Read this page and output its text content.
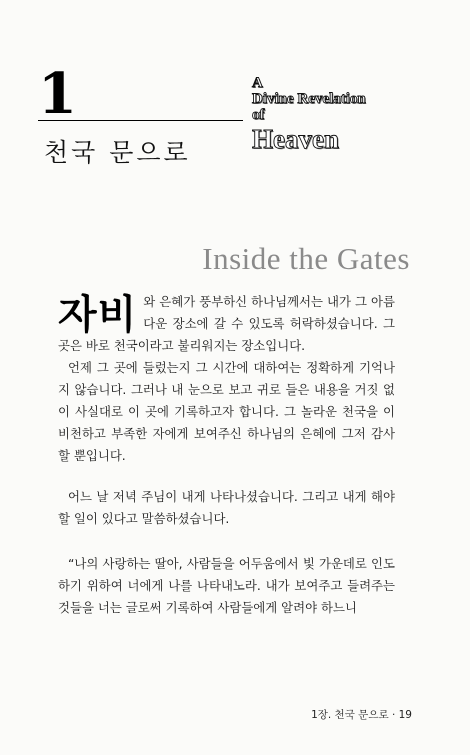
1
천국 문으로
A
Divine Revelation
of
Heaven
Inside the Gates
자비 와 은혜가 풍부하신 하나님께서는 내가 그 아름다운 장소에 갈 수 있도록 허락하셨습니다. 그 곳은 바로 천국이라고 불리워지는 장소입니다.

언제 그 곳에 들렀는지 그 시간에 대하여는 정확하게 기억나지 않습니다. 그러나 내 눈으로 보고 귀로 들은 내용을 거짓 없이 사실대로 이 곳에 기록하고자 합니다. 그 놀라운 천국을 이 비천하고 부족한 자에게 보여주신 하나님의 은혜에 그저 감사할 뿐입니다.

어느 날 저녁 주님이 내게 나타나셨습니다. 그리고 내게 해야할 일이 있다고 말씀하셨습니다.

“나의 사랑하는 딸아, 사람들을 어두움에서 빛 가운데로 인도하기 위하여 너에게 나를 나타내노라. 내가 보여주고 들려주는 것들을 너는 글로써 기록하여 사람들에게 알려야 하느니

1장. 천국 문으로 · 19
